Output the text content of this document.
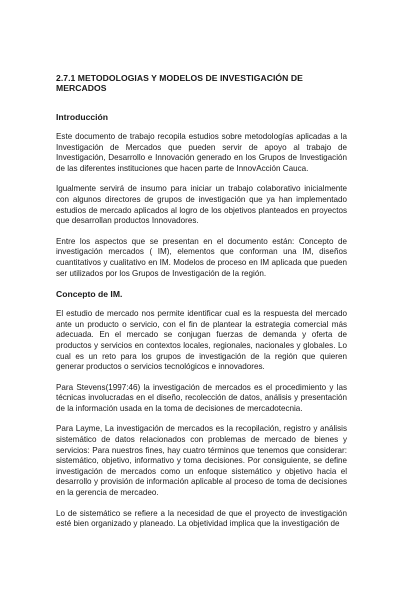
2.7.1 METODOLOGIAS Y MODELOS DE INVESTIGACIÓN DE MERCADOS
Introducción

Este documento de trabajo recopila estudios sobre metodologías aplicadas a la Investigación de Mercados que pueden servir de apoyo al trabajo de Investigación, Desarrollo e Innovación generado en los Grupos de Investigación de las diferentes instituciones que hacen parte de InnovAcción Cauca.

Igualmente servirá de insumo para iniciar un trabajo colaborativo inicialmente con algunos directores de grupos de investigación que ya han implementado estudios de mercado aplicados al logro de los objetivos planteados en proyectos que desarrollan productos Innovadores.

Entre los aspectos que se presentan en el documento están: Concepto de investigación mercados ( IM), elementos que conforman una IM, diseños cuantitativos y cualitativo en IM. Modelos de proceso en IM aplicada que pueden ser utilizados por los Grupos de Investigación de la región.

Concepto de IM.

El estudio de mercado nos permite identificar cual es la respuesta del mercado ante un producto o servicio, con el fin de plantear la estrategia comercial más adecuada. En el mercado se conjugan fuerzas de demanda y oferta de productos y servicios en contextos locales, regionales, nacionales y globales. Lo cual es un reto para los grupos de investigación de la región que quieren generar productos o servicios tecnológicos e innovadores.

Para Stevens(1997:46) la investigación de mercados es el procedimiento y las técnicas involucradas en el diseño, recolección de datos, análisis y presentación de la información usada en la toma de decisiones de mercadotecnia.

Para Layme, La investigación de mercados es la recopilación, registro y análisis sistemático de datos relacionados con problemas de mercado de bienes y servicios: Para nuestros fines, hay cuatro términos que tenemos que considerar: sistemático, objetivo, informativo y toma decisiones. Por consiguiente, se define investigación de mercados como un enfoque sistemático y objetivo hacia el desarrollo y provisión de información aplicable al proceso de toma de decisiones en la gerencia de mercadeo.

Lo de sistemático se refiere a la necesidad de que el proyecto de investigación esté bien organizado y planeado. La objetividad implica que la investigación de
